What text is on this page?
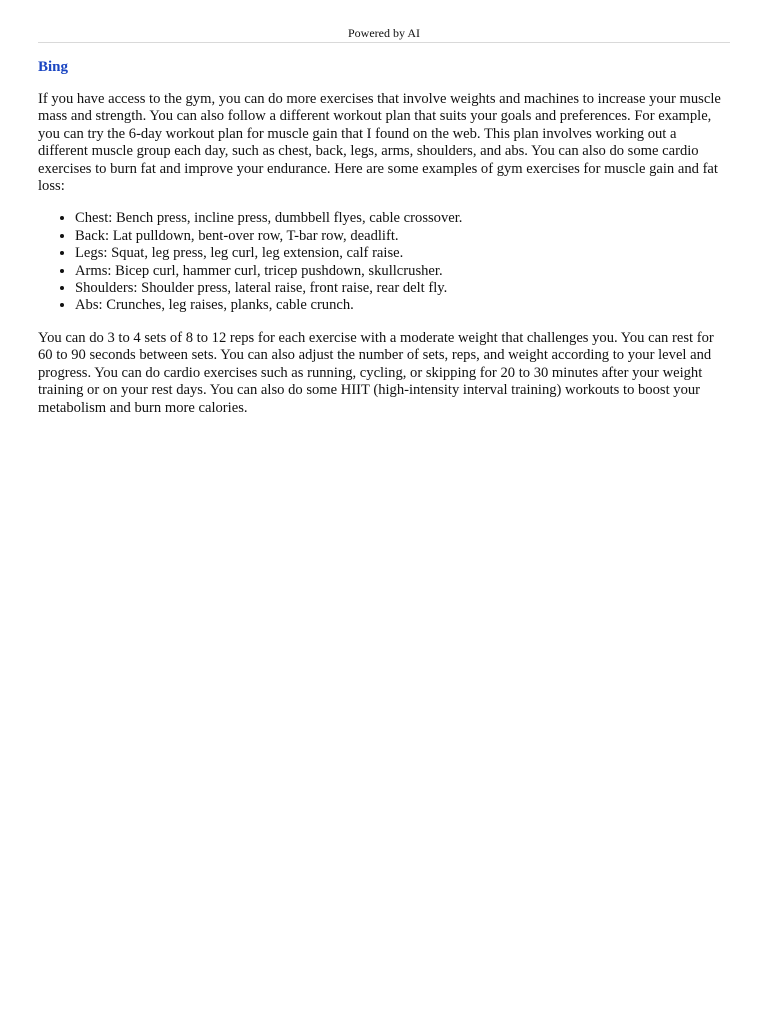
Powered by AI
Bing

If you have access to the gym, you can do more exercises that involve weights and machines to increase your muscle mass and strength. You can also follow a different workout plan that suits your goals and preferences. For example, you can try the 6-day workout plan for muscle gain that I found on the web. This plan involves working out a different muscle group each day, such as chest, back, legs, arms, shoulders, and abs. You can also do some cardio exercises to burn fat and improve your endurance. Here are some examples of gym exercises for muscle gain and fat loss:

• Chest: Bench press, incline press, dumbbell flyes, cable crossover.
• Back: Lat pulldown, bent-over row, T-bar row, deadlift.
• Legs: Squat, leg press, leg curl, leg extension, calf raise.
• Arms: Bicep curl, hammer curl, tricep pushdown, skullcrusher.
• Shoulders: Shoulder press, lateral raise, front raise, rear delt fly.
• Abs: Crunches, leg raises, planks, cable crunch.

You can do 3 to 4 sets of 8 to 12 reps for each exercise with a moderate weight that challenges you. You can rest for 60 to 90 seconds between sets. You can also adjust the number of sets, reps, and weight according to your level and progress. You can do cardio exercises such as running, cycling, or skipping for 20 to 30 minutes after your weight training or on your rest days. You can also do some HIIT (high-intensity interval training) workouts to boost your metabolism and burn more calories.
